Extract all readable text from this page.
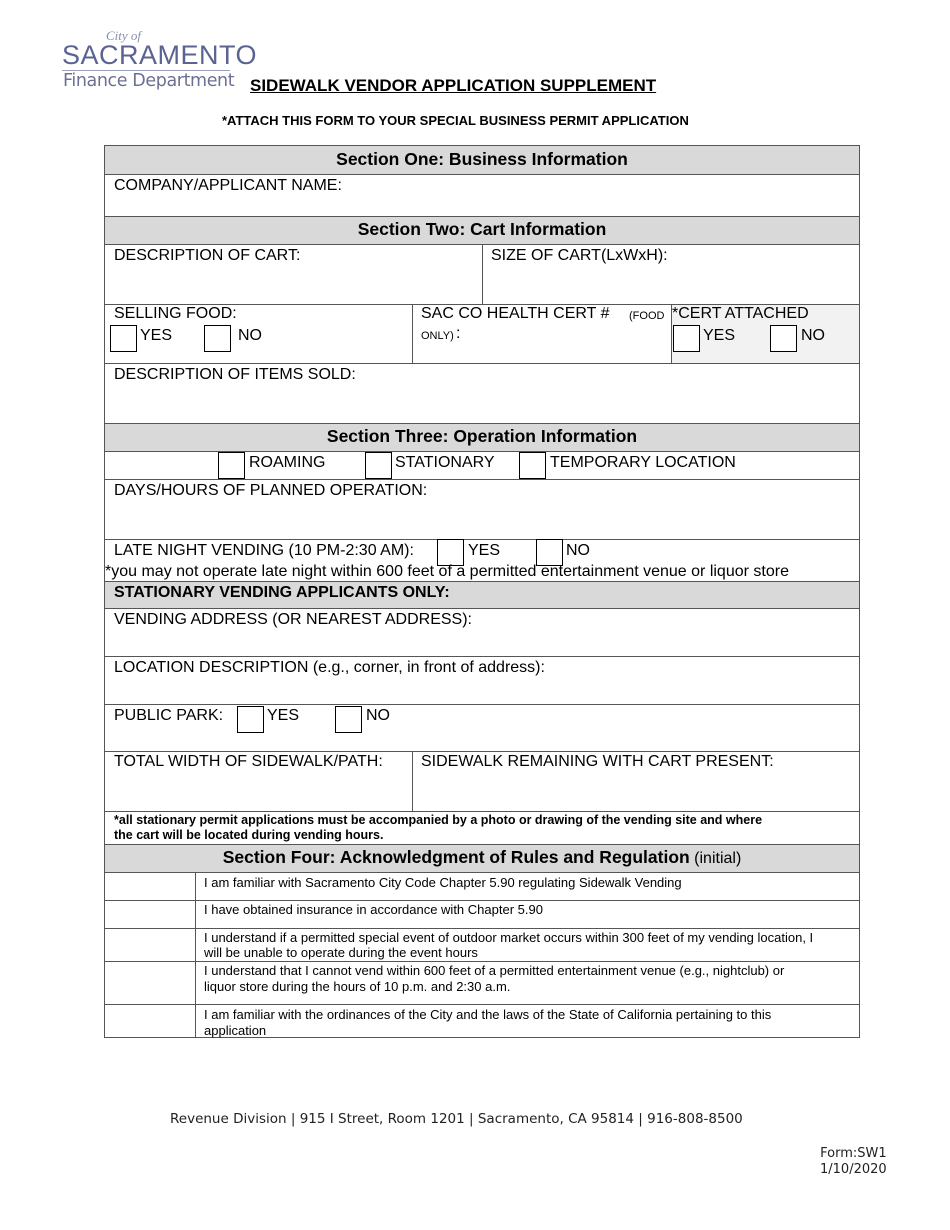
City of
SACRAMENTO
Finance Department SIDEWALK VENDOR APPLICATION SUPPLEMENT
*ATTACH THIS FORM TO YOUR SPECIAL BUSINESS PERMIT APPLICATION
Section One: Business Information
COMPANY/APPLICANT NAME:
Section Two: Cart Information
DESCRIPTION OF CART:	SIZE OF CART(LxWxH):
SELLING FOOD:
YES	NO
SAC CO HEALTH CERT # (FOOD
ONLY) :
*CERT ATTACHED
YES	NO
DESCRIPTION OF ITEMS SOLD:
Section Three: Operation Information
ROAMING	STATIONARY	TEMPORARY LOCATION
DAYS/HOURS OF PLANNED OPERATION:
LATE NIGHT VENDING (10 PM-2:30 AM):	YES	NO
*you may not operate late night within 600 feet of a permitted entertainment venue or liquor store
STATIONARY VENDING APPLICANTS ONLY:
VENDING ADDRESS (OR NEAREST ADDRESS):
LOCATION DESCRIPTION (e.g., corner, in front of address):
PUBLIC PARK:	YES	NO
TOTAL WIDTH OF SIDEWALK/PATH: SIDEWALK REMAINING WITH CART PRESENT:
*all stationary permit applications must be accompanied by a photo or drawing of the vending site and where
the cart will be located during vending hours.
Section Four: Acknowledgment of Rules and Regulation (initial)
I am familiar with Sacramento City Code Chapter 5.90 regulating Sidewalk Vending
I have obtained insurance in accordance with Chapter 5.90
I understand if a permitted special event of outdoor market occurs within 300 feet of my vending location, I
will be unable to operate during the event hours
I understand that I cannot vend within 600 feet of a permitted entertainment venue (e.g., nightclub) or
liquor store during the hours of 10 p.m. and 2:30 a.m.
I am familiar with the ordinances of the City and the laws of the State of California pertaining to this
application
Revenue Division | 915 I Street, Room 1201 | Sacramento, CA 95814 | 916-808-8500
Form:SW1
1/10/2020
